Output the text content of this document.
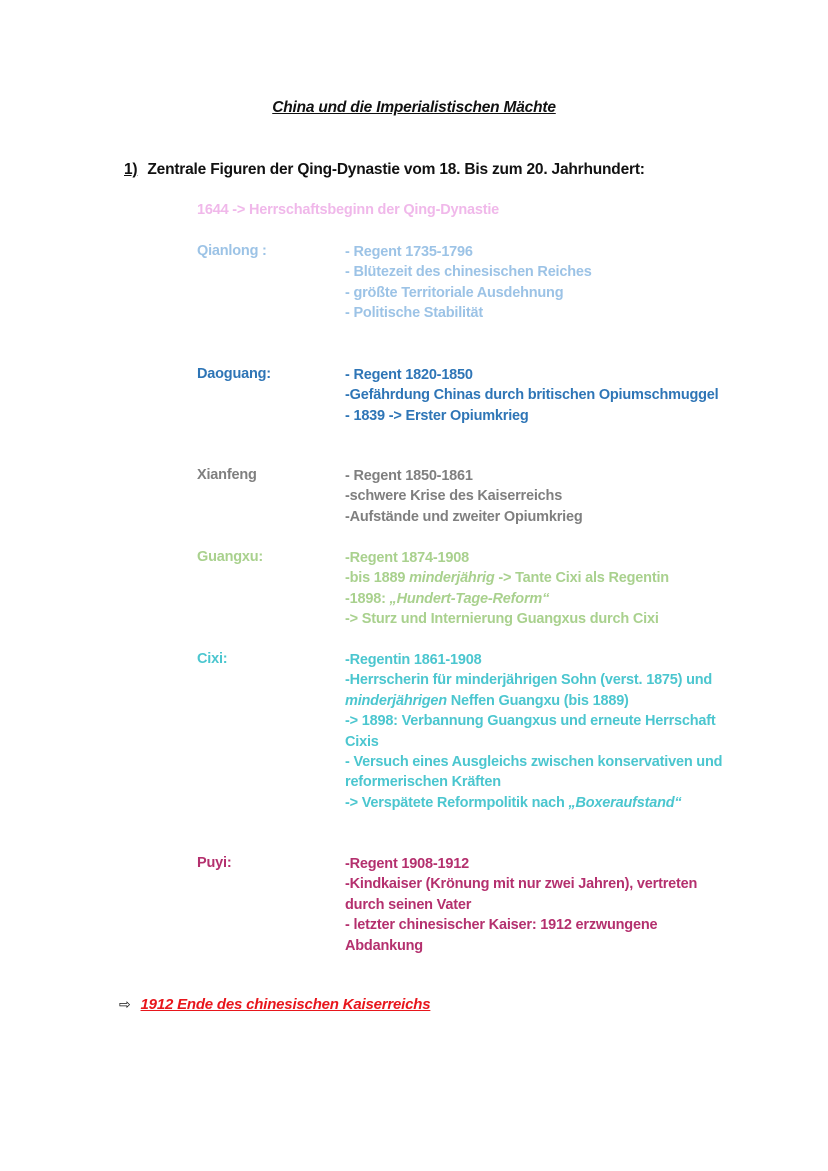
China und die Imperialistischen Mächte
1) Zentrale Figuren der Qing-Dynastie vom 18. Bis zum 20. Jahrhundert:
1644 -> Herrschaftsbeginn der Qing-Dynastie
Qianlong :	- Regent 1735-1796
- Blütezeit des chinesischen Reiches
- größte Territoriale Ausdehnung
- Politische Stabilität
Daoguang:	- Regent 1820-1850
-Gefährdung Chinas durch britischen Opiumschmuggel
- 1839 -> Erster Opiumkrieg
Xianfeng	- Regent 1850-1861
-schwere Krise des Kaiserreichs
-Aufstände und zweiter Opiumkrieg
Guangxu:	-Regent 1874-1908
-bis 1889 minderjährig -> Tante Cixi als Regentin
-1898: „Hundert-Tage-Reform“
-> Sturz und Internierung Guangxus durch Cixi
Cixi:	-Regentin 1861-1908
-Herrscherin für minderjährigen Sohn (verst. 1875) und
minderjährigen Neffen Guangxu (bis 1889)
-> 1898: Verbannung Guangxus und erneute Herrschaft
Cixis
- Versuch eines Ausgleichs zwischen konservativen und
reformerischen Kräften
-> Verspätete Reformpolitik nach „Boxeraufstand“
Puyi:	-Regent 1908-1912
-Kindkaiser (Krönung mit nur zwei Jahren), vertreten
durch seinen Vater
- letzter chinesischer Kaiser: 1912 erzwungene
Abdankung
⇨ 1912 Ende des chinesischen Kaiserreichs
